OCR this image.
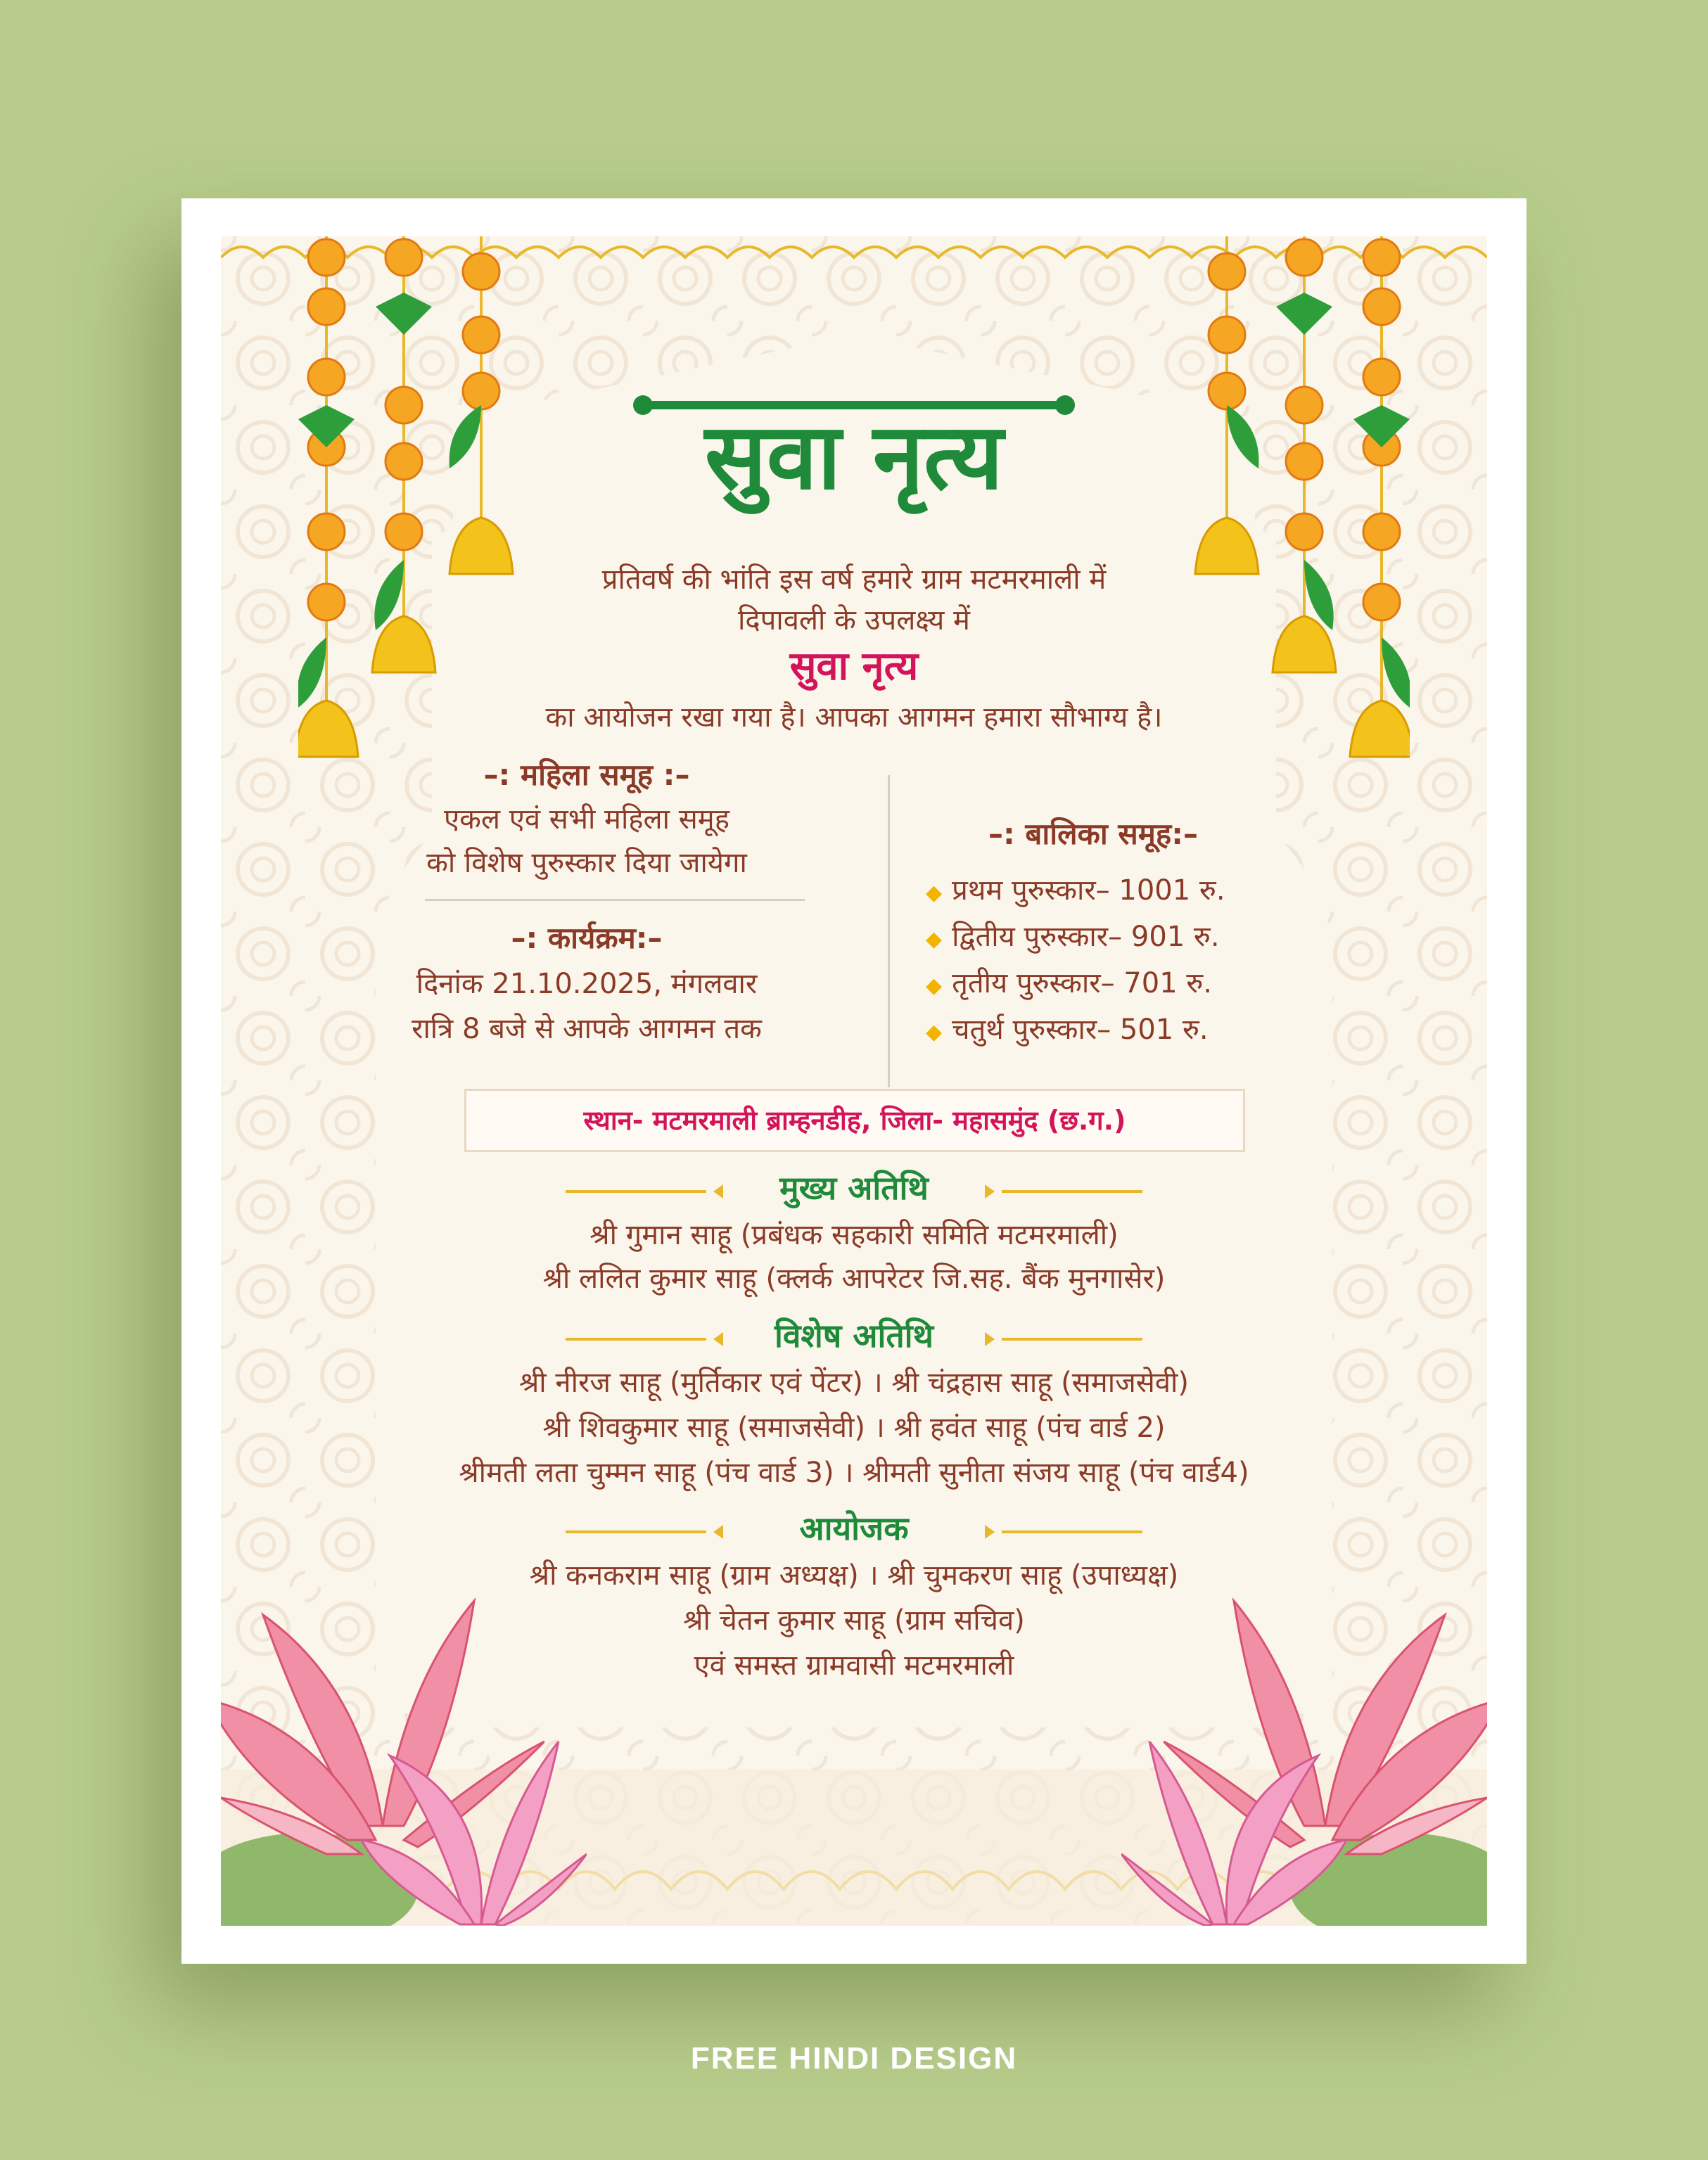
सुवा नृत्य
प्रतिवर्ष की भांति इस वर्ष हमारे ग्राम मटमरमाली में
दिपावली के उपलक्ष्य में
सुवा नृत्य
का आयोजन रखा गया है। आपका आगमन हमारा सौभाग्य है।
–: महिला समूह :–
एकल एवं सभी महिला समूह
को विशेष पुरुस्कार दिया जायेगा
–: कार्यक्रम:–
दिनांक 21.10.2025, मंगलवार
रात्रि 8 बजे से आपके आगमन तक
–: बालिका समूह:–
◆ प्रथम पुरुस्कार– 1001 रु.
◆ द्वितीय पुरुस्कार– 901 रु.
◆ तृतीय पुरुस्कार– 701 रु.
◆ चतुर्थ पुरुस्कार– 501 रु.
स्थान- मटमरमाली ब्राम्हनडीह, जिला- महासमुंद (छ.ग.)
मुख्य अतिथि
श्री गुमान साहू (प्रबंधक सहकारी समिति मटमरमाली)
श्री ललित कुमार साहू (क्लर्क आपरेटर जि.सह. बैंक मुनगासेर)
विशेष अतिथि
श्री नीरज साहू (मुर्तिकार एवं पेंटर) । श्री चंद्रहास साहू (समाजसेवी)
श्री शिवकुमार साहू (समाजसेवी) । श्री हवंत साहू (पंच वार्ड 2)
श्रीमती लता चुम्मन साहू (पंच वार्ड 3) । श्रीमती सुनीता संजय साहू (पंच वार्ड4)
आयोजक
श्री कनकराम साहू (ग्राम अध्यक्ष) । श्री चुमकरण साहू (उपाध्यक्ष)
श्री चेतन कुमार साहू (ग्राम सचिव)
एवं समस्त ग्रामवासी मटमरमाली
FREE HINDI DESIGN
